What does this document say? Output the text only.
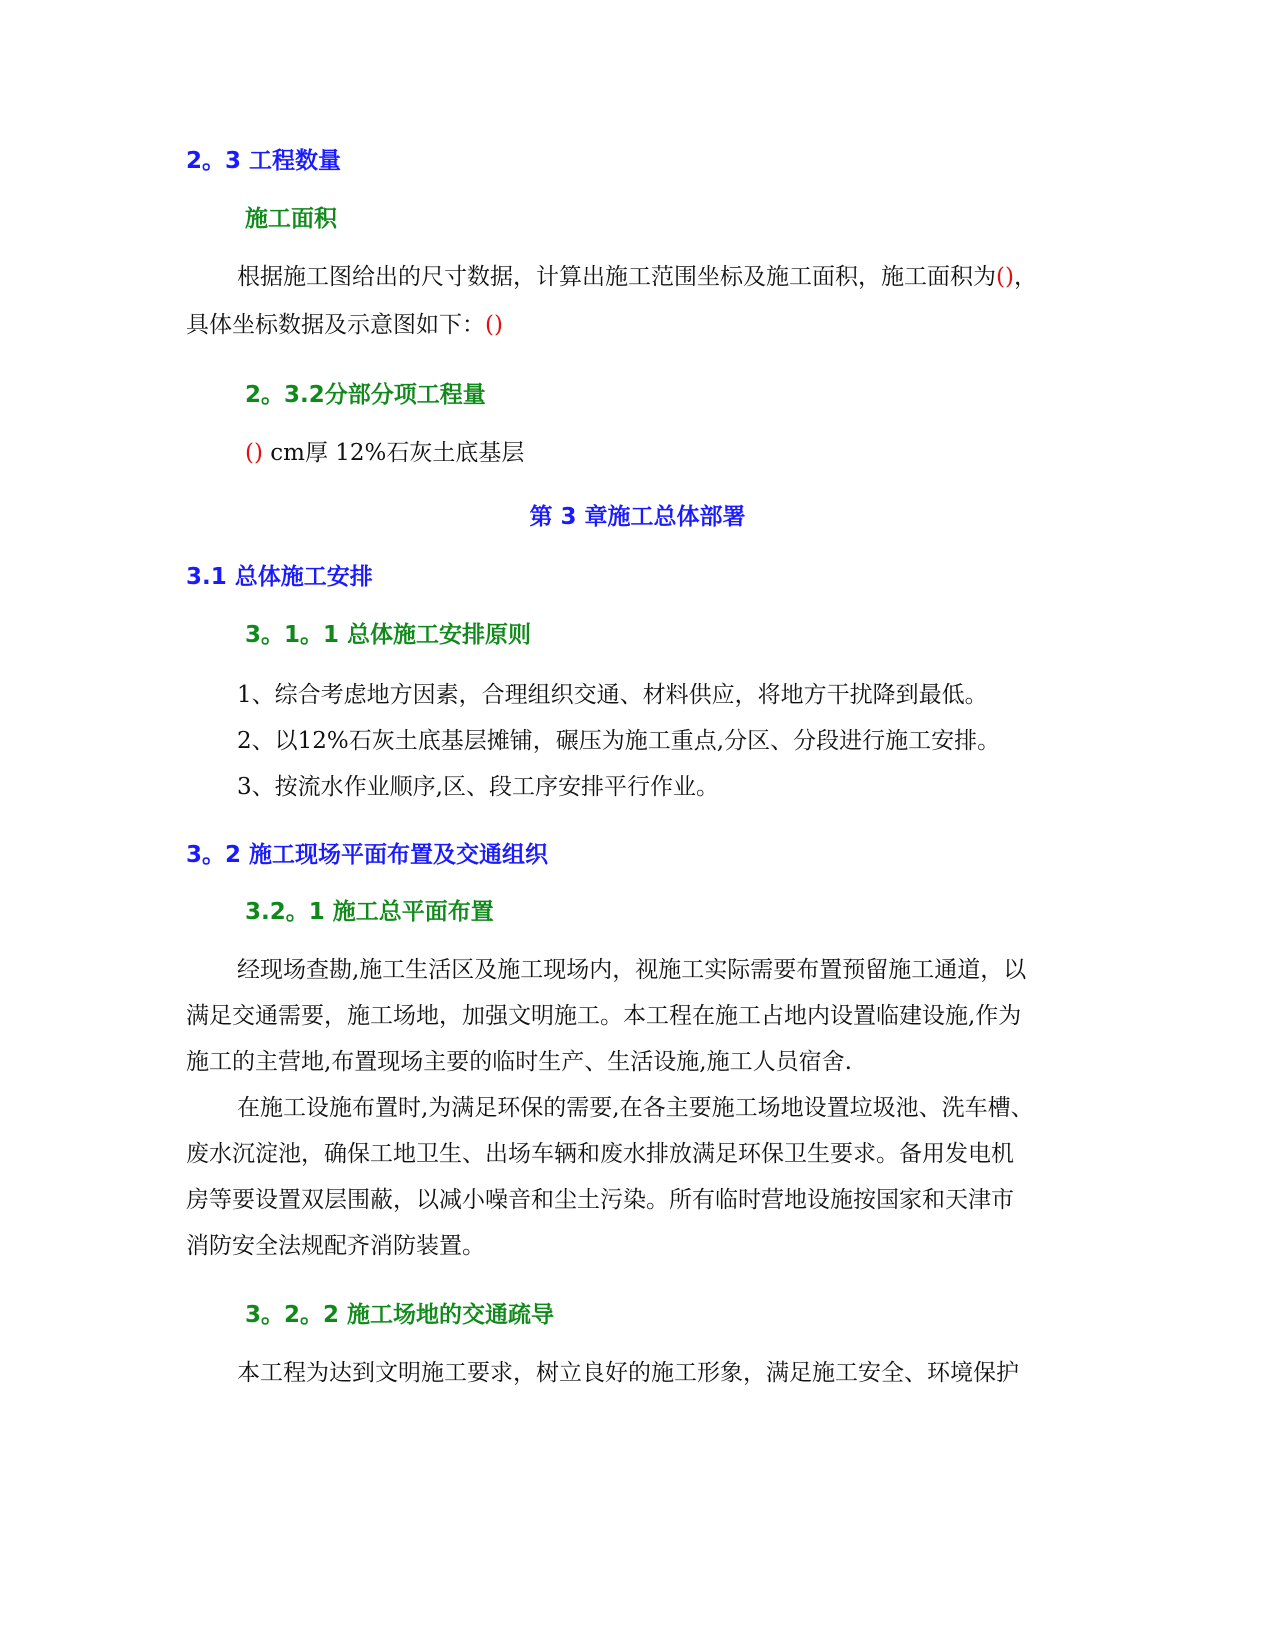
2。3 工程数量
施工面积
根据施工图给出的尺寸数据，计算出施工范围坐标及施工面积，施工面积为()，
具体坐标数据及示意图如下：()
2。3.2分部分项工程量
() cm厚 12%石灰土底基层
第 3 章施工总体部署
3.1 总体施工安排
3。1。1 总体施工安排原则
1、综合考虑地方因素，合理组织交通、材料供应，将地方干扰降到最低。
2、以12%石灰土底基层摊铺，碾压为施工重点,分区、分段进行施工安排。
3、按流水作业顺序,区、段工序安排平行作业。
3。2 施工现场平面布置及交通组织
3.2。1 施工总平面布置
经现场查勘,施工生活区及施工现场内，视施工实际需要布置预留施工通道，以
满足交通需要，施工场地，加强文明施工。本工程在施工占地内设置临建设施,作为
施工的主营地,布置现场主要的临时生产、生活设施,施工人员宿舍.
在施工设施布置时,为满足环保的需要,在各主要施工场地设置垃圾池、洗车槽、
废水沉淀池，确保工地卫生、出场车辆和废水排放满足环保卫生要求。备用发电机
房等要设置双层围蔽，以减小噪音和尘土污染。所有临时营地设施按国家和天津市
消防安全法规配齐消防装置。
3。2。2 施工场地的交通疏导
本工程为达到文明施工要求，树立良好的施工形象，满足施工安全、环境保护
